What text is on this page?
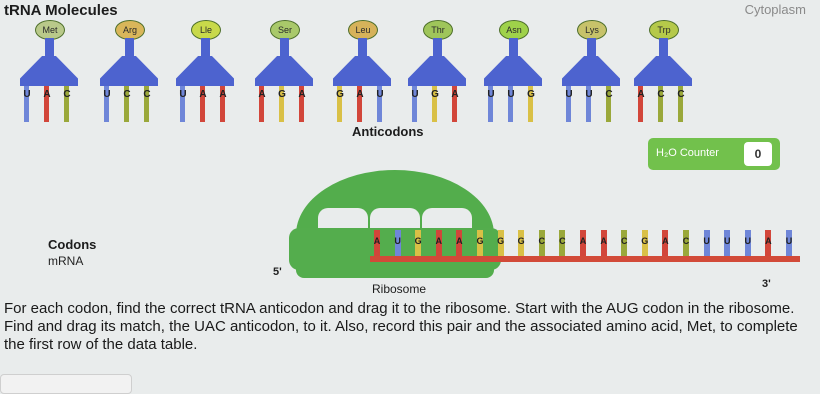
tRNA Molecules	Cytoplasm
Met
U	A	C
Arg
U	C	C
Lle
U	A	A
Ser
A	G	A
Leu
G	A	U
Thr
U	G	A
Asn
U	U	G
Lys
U	U	C
Trp
A	C	C
Anticodons
H₂O Counter	0
A	U	G	A	A	G	G	G	C	C	A	A	C	G	A	C	U	U	U	A	U
Codons
mRNA
5'
3'
Ribosome
For each codon, find the correct tRNA anticodon and drag it to the ribosome. Start with the AUG codon in the ribosome. Find and drag its match, the UAC anticodon, to it. Also, record this pair and the associated amino acid, Met, to complete the first row of the data table.
